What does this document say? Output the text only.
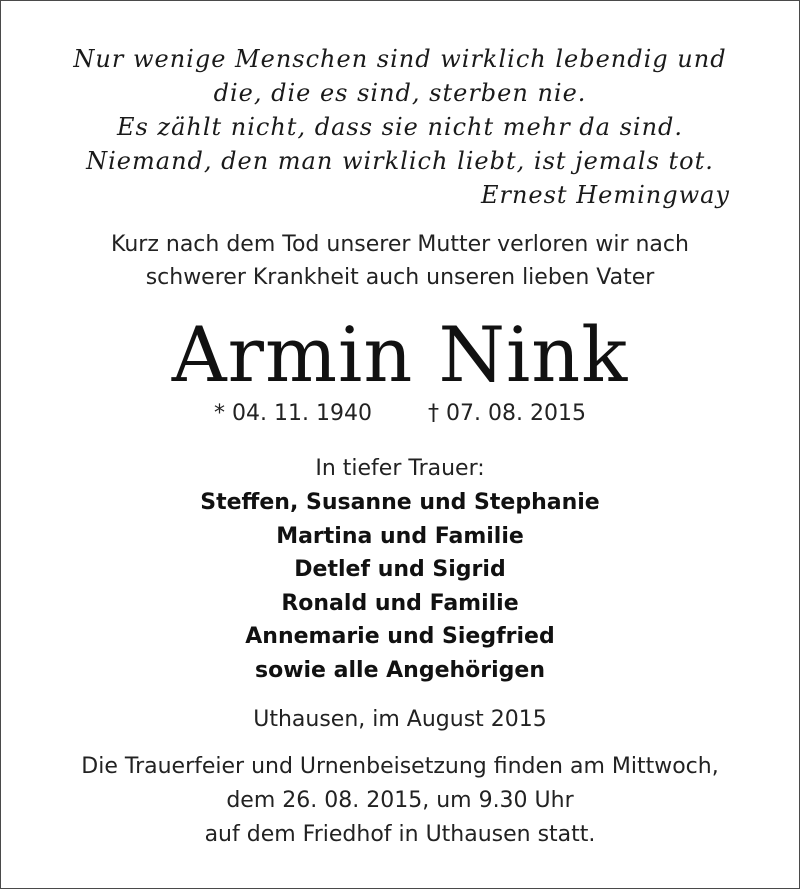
Nur wenige Menschen sind wirklich lebendig und
die, die es sind, sterben nie.
Es zählt nicht, dass sie nicht mehr da sind.
Niemand, den man wirklich liebt, ist jemals tot.
Ernest Hemingway
Kurz nach dem Tod unserer Mutter verloren wir nach
schwerer Krankheit auch unseren lieben Vater
Armin Nink
* 04. 11. 1940	† 07. 08. 2015
In tiefer Trauer:
Steffen, Susanne und Stephanie
Martina und Familie
Detlef und Sigrid
Ronald und Familie
Annemarie und Siegfried
sowie alle Angehörigen
Uthausen, im August 2015
Die Trauerfeier und Urnenbeisetzung finden am Mittwoch,
dem 26. 08. 2015, um 9.30 Uhr
auf dem Friedhof in Uthausen statt.
